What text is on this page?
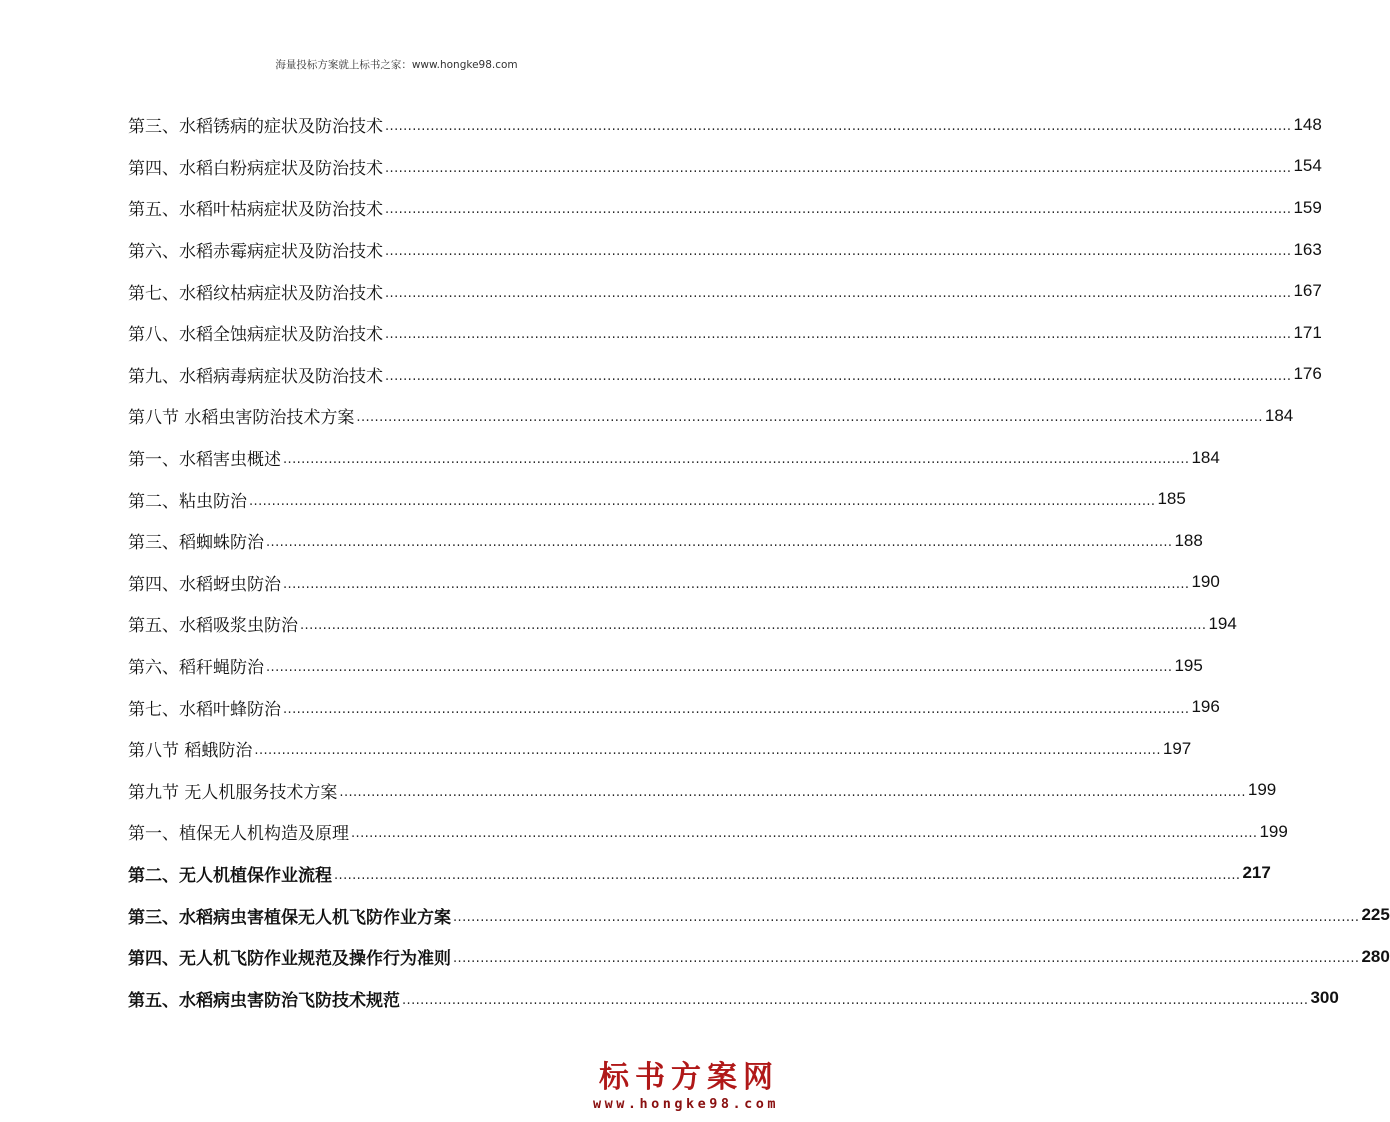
海量投标方案就上标书之家：www.hongke98.com
第三、水稻锈病的症状及防治技术 ........................................................................................................................................................................................................ 148
第四、水稻白粉病症状及防治技术 ........................................................................................................................................................................................................ 154
第五、水稻叶枯病症状及防治技术 ........................................................................................................................................................................................................ 159
第六、水稻赤霉病症状及防治技术 ........................................................................................................................................................................................................ 163
第七、水稻纹枯病症状及防治技术 ........................................................................................................................................................................................................ 167
第八、水稻全蚀病症状及防治技术 ........................................................................................................................................................................................................ 171
第九、水稻病毒病症状及防治技术 ........................................................................................................................................................................................................ 176
第八节 水稻虫害防治技术方案 ........................................................................................................................................................................................................ 184
第一、水稻害虫概述 ........................................................................................................................................................................................................ 184
第二、粘虫防治 ........................................................................................................................................................................................................ 185
第三、稻蜘蛛防治 ........................................................................................................................................................................................................ 188
第四、水稻蚜虫防治 ........................................................................................................................................................................................................ 190
第五、水稻吸浆虫防治 ........................................................................................................................................................................................................ 194
第六、稻秆蝇防治 ........................................................................................................................................................................................................ 195
第七、水稻叶蜂防治 ........................................................................................................................................................................................................ 196
第八节 稻蛾防治 ........................................................................................................................................................................................................ 197
第九节 无人机服务技术方案 ........................................................................................................................................................................................................ 199
第一、植保无人机构造及原理 ........................................................................................................................................................................................................ 199
第二、无人机植保作业流程 ........................................................................................................................................................................................................ 217
第三、水稻病虫害植保无人机飞防作业方案 ........................................................................................................................................................................................................ 225
第四、无人机飞防作业规范及操作行为准则 ........................................................................................................................................................................................................ 280
第五、水稻病虫害防治飞防技术规范 ........................................................................................................................................................................................................ 300
标书方案网
www.hongke98.com
